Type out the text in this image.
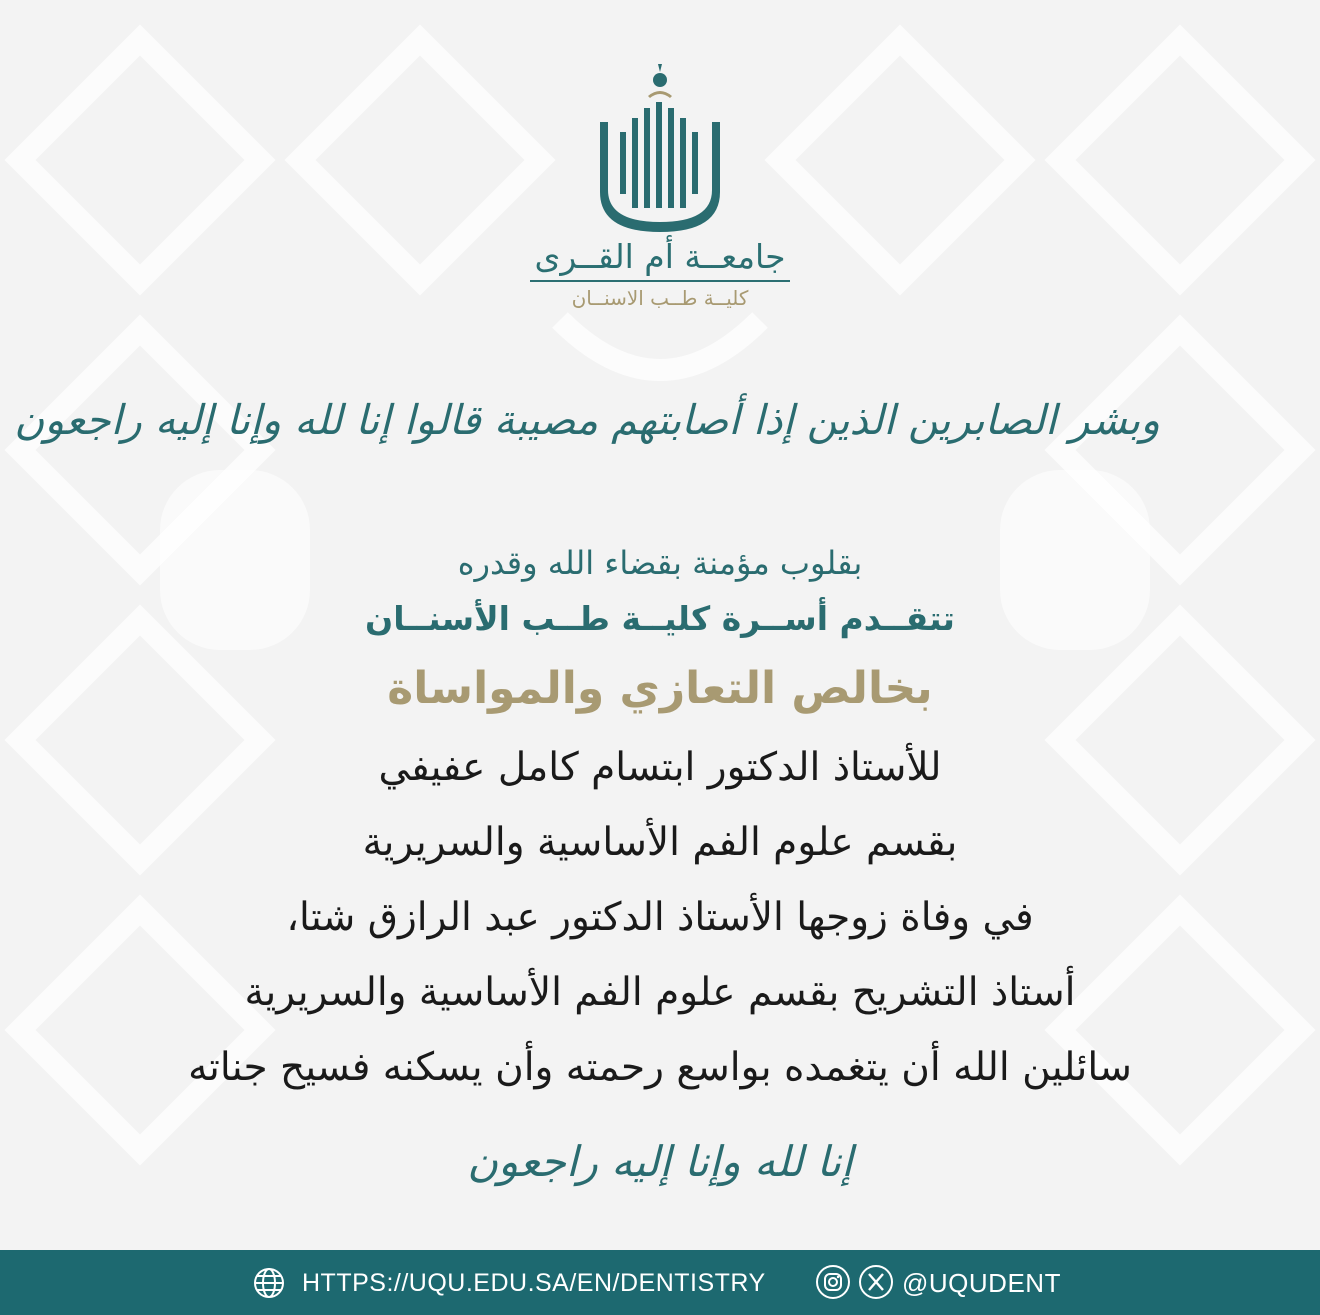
جامعــة أم القــرى
كليــة طــب الاسنــان
وبشر الصابرين الذين إذا أصابتهم مصيبة قالوا إنا لله وإنا إليه راجعون
بقلوب مؤمنة بقضاء الله وقدره
تتقــدم أســرة كليــة طــب الأسنــان
بخالص التعازي والمواساة
للأستاذ الدكتور ابتسام كامل عفيفي
بقسم علوم الفم الأساسية والسريرية
في وفاة زوجها الأستاذ الدكتور عبد الرازق شتا،
أستاذ التشريح بقسم علوم الفم الأساسية والسريرية
سائلين الله أن يتغمده بواسع رحمته وأن يسكنه فسيح جناته
إنا لله وإنا إليه راجعون
HTTPS://UQU.EDU.SA/EN/DENTISTRY	@UQUDENT
